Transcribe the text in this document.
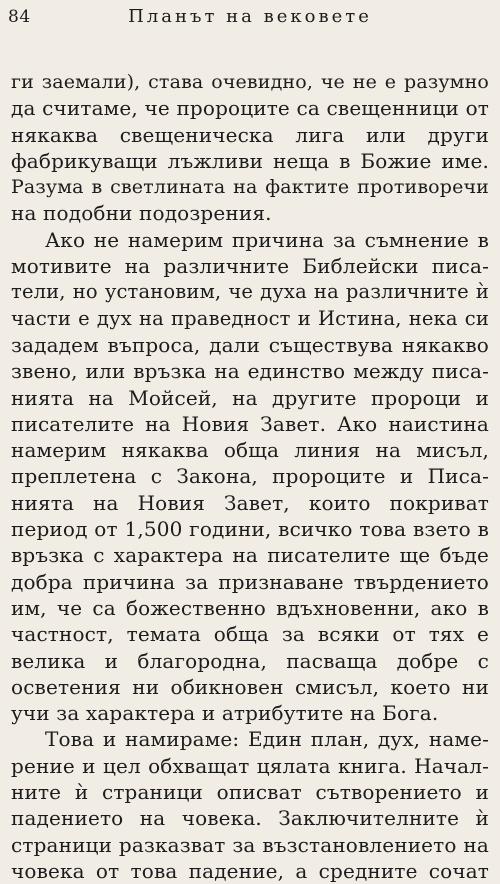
84	Планът на вековете
ги заемали), става очевидно, че не е разумно
да считаме, че пророците са свещенници от
някаква свещеническа лига или други
фабрикуващи лъжливи неща в Божие име.
Разума в светлината на фактите противоречи
на подобни подозрения.
Ако не намерим причина за съмнение в
мотивите на различните Библейски писа-
тели, но установим, че духа на различните ѝ
части е дух на праведност и Истина, нека си
зададем въпроса, дали съществува някакво
звено, или връзка на единство между писа-
нията на Мойсей, на другите пророци и
писателите на Новия Завет. Ако наистина
намерим някаква обща линия на мисъл,
преплетена с Закона, пророците и Писа-
нията на Новия Завет, които покриват
период от 1,500 години, всичко това взето в
връзка с характера на писателите ще бъде
добра причина за признаване твърдението
им, че са божественно вдъхновенни, ако в
частност, темата обща за всяки от тях е
велика и благородна, пасваща добре с
осветения ни обикновен смисъл, което ни
учи за характера и атрибутите на Бога.
Това и намираме: Един план, дух, наме-
рение и цел обхващат цялата книга. Начал-
ните ѝ страници описват сътворението и
падението на човека. Заключителните ѝ
страници разказват за възстановлението на
човека от това падение, а средните сочат
